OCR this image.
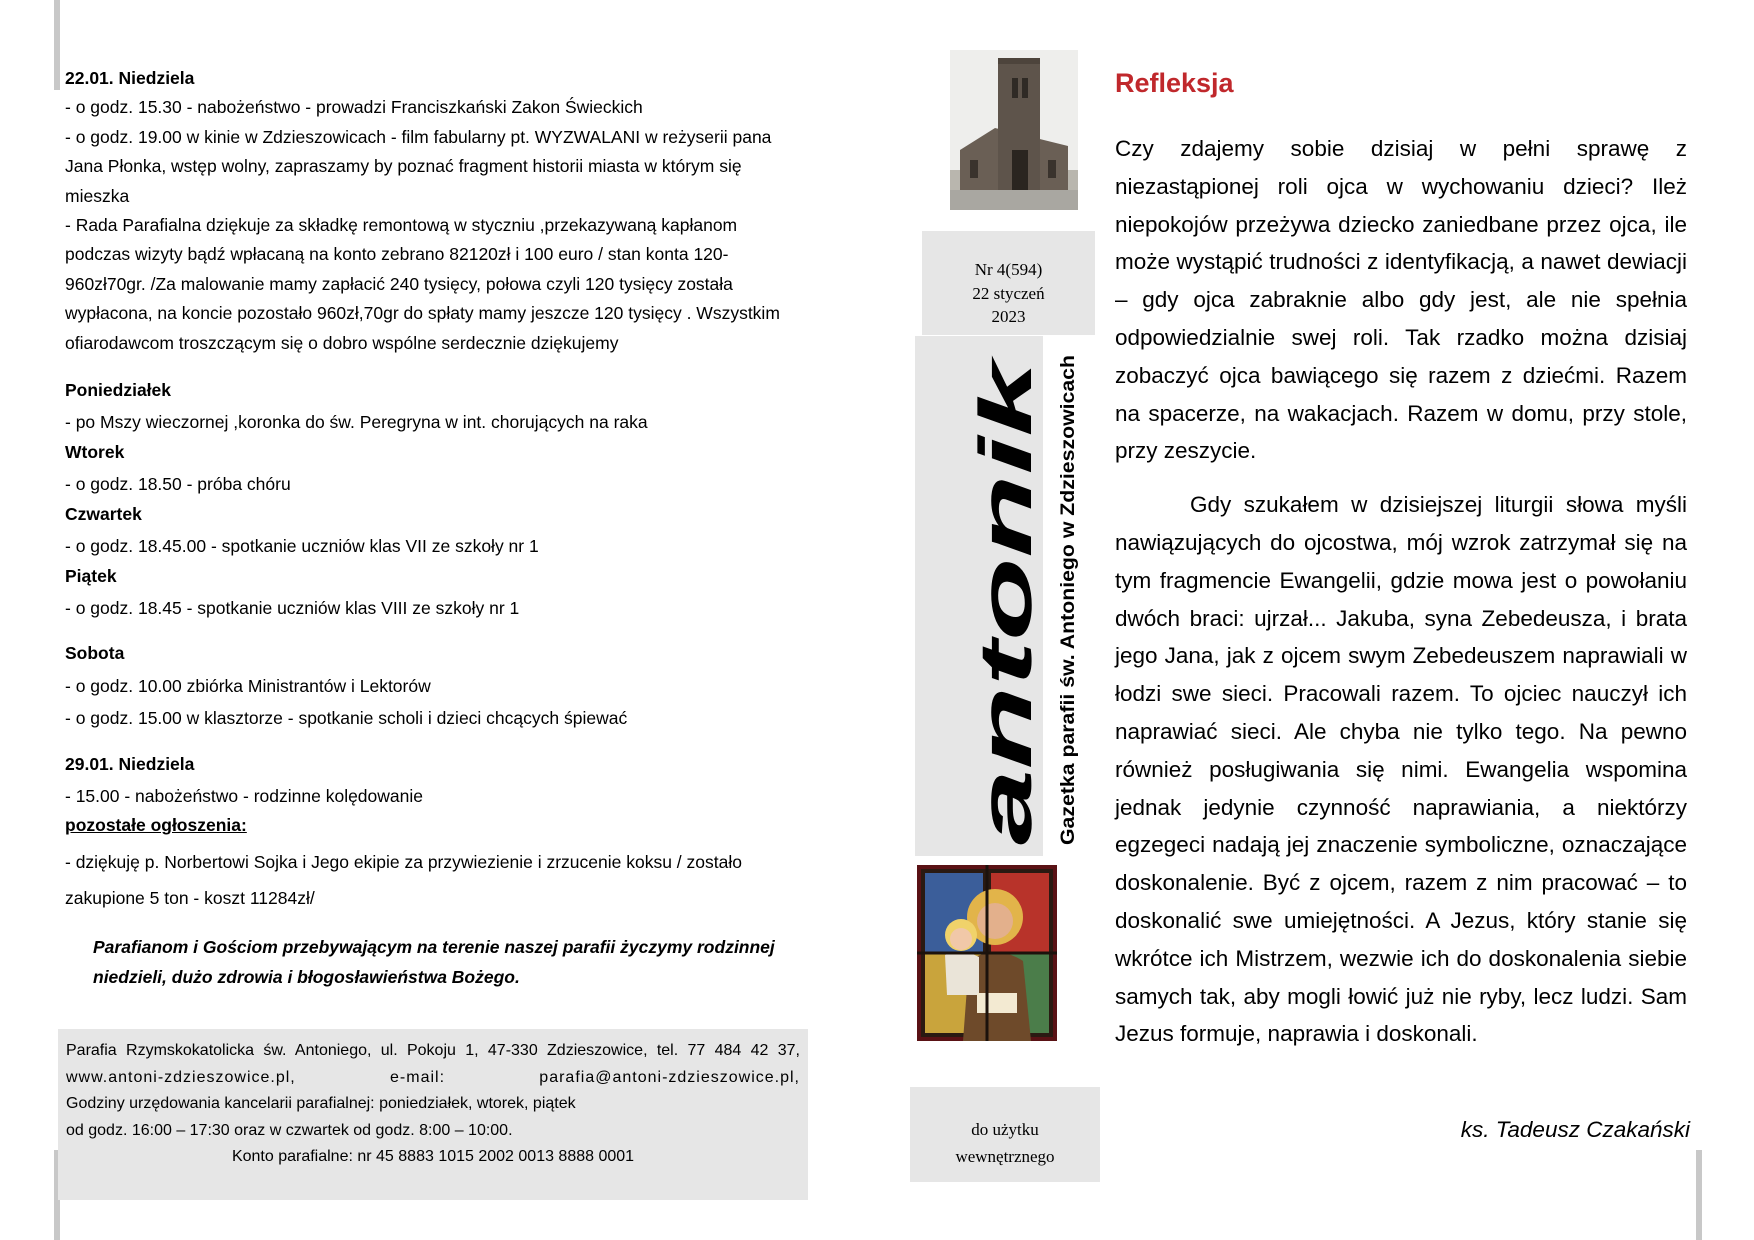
22.01. Niedziela

- o godz. 15.30 - nabożeństwo - prowadzi Franciszkański Zakon Świeckich

- o godz. 19.00 w kinie w Zdzieszowicach - film fabularny pt. WYZWALANI w reżyserii pana Jana Płonka, wstęp wolny, zapraszamy by poznać fragment historii miasta w którym się mieszka

- Rada Parafialna dziękuje za składkę remontową w styczniu ,przekazywaną kapłanom podczas wizyty bądź wpłacaną na konto zebrano 82120zł i 100 euro / stan konta 120-960zł70gr. /Za malowanie mamy zapłacić 240 tysięcy, połowa czyli 120 tysięcy została wypłacona, na koncie pozostało 960zł,70gr do spłaty mamy jeszcze 120 tysięcy . Wszystkim ofiarodawcom troszczącym się o dobro wspólne serdecznie dziękujemy

Poniedziałek

- po Mszy wieczornej ,koronka do św. Peregryna w int. chorujących na raka

Wtorek

- o godz. 18.50 - próba chóru

Czwartek

- o godz. 18.45.00 - spotkanie uczniów klas VII ze szkoły nr 1

Piątek

- o godz. 18.45 - spotkanie uczniów klas VIII ze szkoły nr 1

Sobota

- o godz. 10.00 zbiórka Ministrantów i Lektorów

- o godz. 15.00 w klasztorze - spotkanie scholi i dzieci chcących śpiewać

29.01. Niedziela

- 15.00 - nabożeństwo - rodzinne kolędowanie

pozostałe ogłoszenia:

- dziękuję p. Norbertowi Sojka i Jego ekipie za przywiezienie i zrzucenie koksu / zostało zakupione 5 ton - koszt 11284zł/

Parafianom i Gościom przebywającym na terenie naszej parafii życzymy rodzinnej niedzieli, dużo zdrowia i błogosławieństwa Bożego.

Parafia Rzymskokatolicka św. Antoniego, ul. Pokoju 1, 47-330 Zdzieszowice, tel. 77 484 42 37,

www.antoni-zdzieszowice.pl, e-mail: parafia@antoni-zdzieszowice.pl,

Godziny urzędowania kancelarii parafialnej: poniedziałek, wtorek, piątek

od godz. 16:00 – 17:30 oraz w czwartek od godz. 8:00 – 10:00.

Konto parafialne: nr 45 8883 1015 2002 0013 8888 0001

Nr 4(594)
22 styczeń
2023
antonik Gazetka parafii św. Antoniego w Zdzieszowicach
do użytku wewnętrznego
Refleksja

Czy zdajemy sobie dzisiaj w pełni sprawę z niezastąpionej roli ojca w wychowaniu dzieci? Ileż niepokojów przeżywa dziecko zaniedbane przez ojca, ile może wystąpić trudności z identyfikacją, a nawet dewiacji – gdy ojca zabraknie albo gdy jest, ale nie spełnia odpowiedzialnie swej roli. Tak rzadko można dzisiaj zobaczyć ojca bawiącego się razem z dziećmi. Razem na spacerze, na wakacjach. Razem w domu, przy stole, przy zeszycie.

Gdy szukałem w dzisiejszej liturgii słowa myśli nawiązujących do ojcostwa, mój wzrok zatrzymał się na tym fragmencie Ewangelii, gdzie mowa jest o powołaniu dwóch braci: ujrzał... Jakuba, syna Zebedeusza, i brata jego Jana, jak z ojcem swym Zebedeuszem naprawiali w łodzi swe sieci. Pracowali razem. To ojciec nauczył ich naprawiać sieci. Ale chyba nie tylko tego. Na pewno również posługiwania się nimi. Ewangelia wspomina jednak jedynie czynność naprawiania, a niektórzy egzegeci nadają jej znaczenie symboliczne, oznaczające doskonalenie. Być z ojcem, razem z nim pracować – to doskonalić swe umiejętności. A Jezus, który stanie się wkrótce ich Mistrzem, wezwie ich do doskonalenia siebie samych tak, aby mogli łowić już nie ryby, lecz ludzi. Sam Jezus formuje, naprawia i doskonali.

ks. Tadeusz Czakański
